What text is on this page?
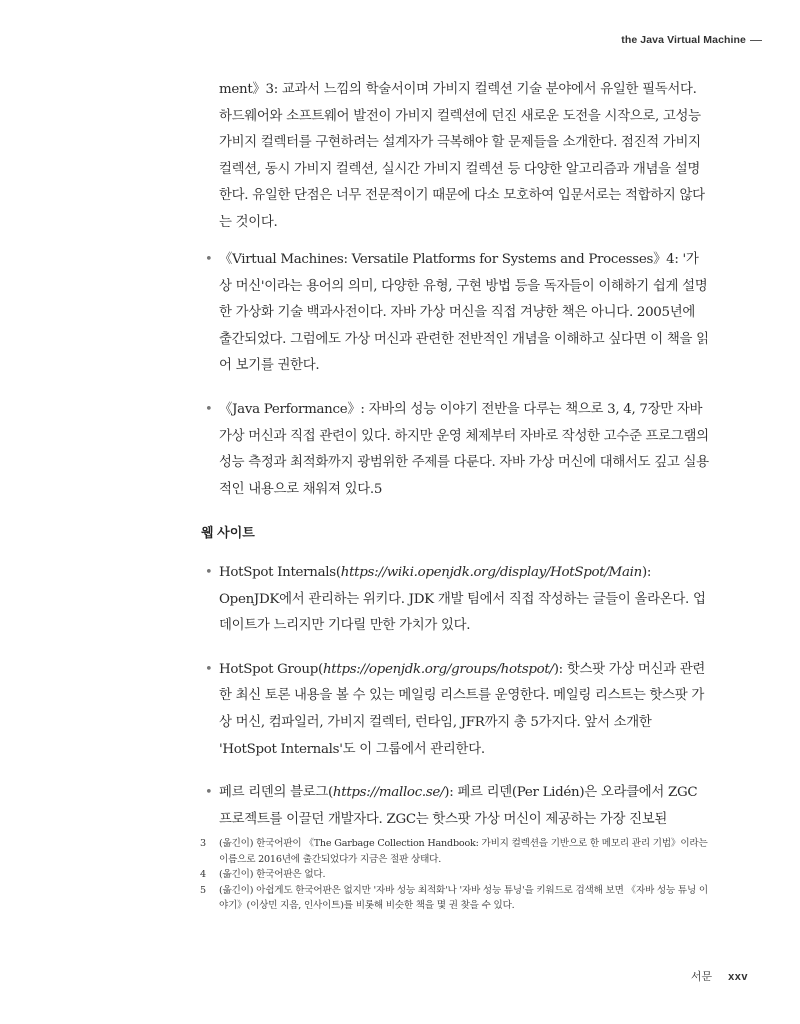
the Java Virtual Machine
ment》3: 교과서 느낌의 학술서이며 가비지 컬렉션 기술 분야에서 유일한 필독서다. 하드웨어와 소프트웨어 발전이 가비지 컬렉션에 던진 새로운 도전을 시작으로, 고성능 가비지 컬렉터를 구현하려는 설계자가 극복해야 할 문제들을 소개한다. 점진적 가비지 컬렉션, 동시 가비지 컬렉션, 실시간 가비지 컬렉션 등 다양한 알고리즘과 개념을 설명한다. 유일한 단점은 너무 전문적이기 때문에 다소 모호하여 입문서로는 적합하지 않다는 것이다.
• 《Virtual Machines: Versatile Platforms for Systems and Processes》4: '가상 머신'이라는 용어의 의미, 다양한 유형, 구현 방법 등을 독자들이 이해하기 쉽게 설명한 가상화 기술 백과사전이다. 자바 가상 머신을 직접 겨냥한 책은 아니다. 2005년에 출간되었다. 그럼에도 가상 머신과 관련한 전반적인 개념을 이해하고 싶다면 이 책을 읽어 보기를 권한다.
• 《Java Performance》: 자바의 성능 이야기 전반을 다루는 책으로 3, 4, 7장만 자바 가상 머신과 직접 관련이 있다. 하지만 운영 체제부터 자바로 작성한 고수준 프로그램의 성능 측정과 최적화까지 광범위한 주제를 다룬다. 자바 가상 머신에 대해서도 깊고 실용적인 내용으로 채워져 있다.5
웹 사이트
• HotSpot Internals(https://wiki.openjdk.org/display/HotSpot/Main): OpenJDK에서 관리하는 위키다. JDK 개발 팀에서 직접 작성하는 글들이 올라온다. 업데이트가 느리지만 기다릴 만한 가치가 있다.
• HotSpot Group(https://openjdk.org/groups/hotspot/): 핫스팟 가상 머신과 관련한 최신 토론 내용을 볼 수 있는 메일링 리스트를 운영한다. 메일링 리스트는 핫스팟 가상 머신, 컴파일러, 가비지 컬렉터, 런타임, JFR까지 총 5가지다. 앞서 소개한 'HotSpot Internals'도 이 그룹에서 관리한다.
• 페르 리덴의 블로그(https://malloc.se/): 페르 리덴(Per Lidén)은 오라클에서 ZGC 프로젝트를 이끌던 개발자다. ZGC는 핫스팟 가상 머신이 제공하는 가장 진보된
3	(옮긴이) 한국어판이 《The Garbage Collection Handbook: 가비지 컬렉션을 기반으로 한 메모리 관리 기법》이라는 이름으로 2016년에 출간되었다가 지금은 절판 상태다.
4	(옮긴이) 한국어판은 없다.
5	(옮긴이) 아쉽게도 한국어판은 없지만 '자바 성능 최적화'나 '자바 성능 튜닝'을 키워드로 검색해 보면 《자바 성능 튜닝 이야기》(이상민 지음, 인사이트)를 비롯해 비슷한 책을 몇 권 찾을 수 있다.
서문 xxv
